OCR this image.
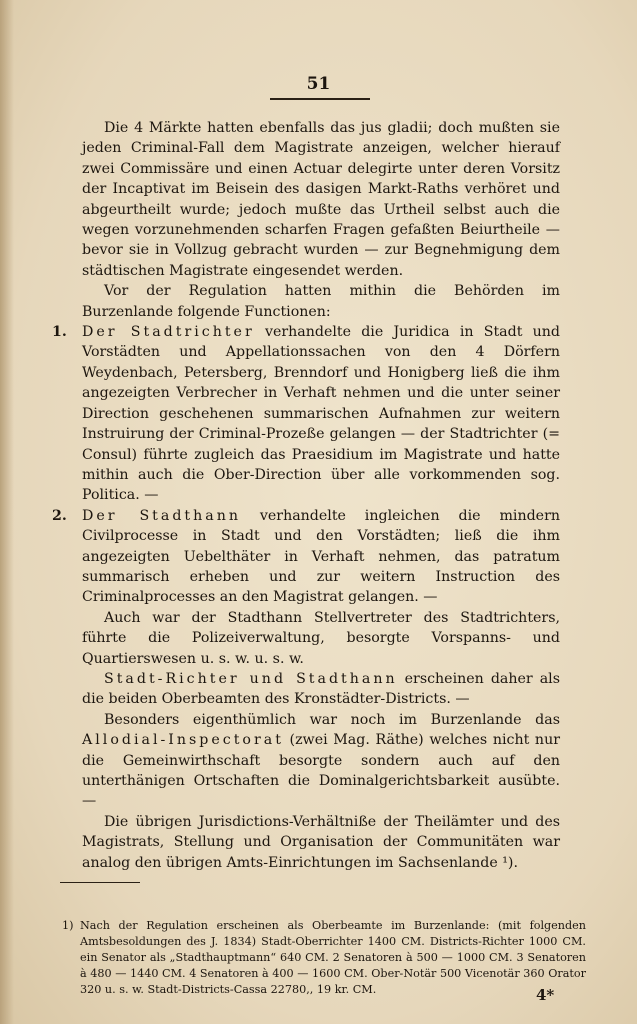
51

Die 4 Märkte hatten ebenfalls das jus gladii; doch mußten sie jeden Criminal-Fall dem Magistrate anzeigen, welcher hierauf zwei Commissäre und einen Actuar delegirte unter deren Vorsitz der Incaptivat im Beisein des dasigen Markt-Raths verhöret und abgeurtheilt wurde; jedoch mußte das Urtheil selbst auch die wegen vorzunehmenden scharfen Fragen gefaßten Beiurtheile — bevor sie in Vollzug gebracht wurden — zur Begnehmigung dem städtischen Magistrate eingesendet werden.

Vor der Regulation hatten mithin die Behörden im Burzenlande folgende Functionen:

1. Der Stadtrichter verhandelte die Juridica in Stadt und Vorstädten und Appellationssachen von den 4 Dörfern Weydenbach, Petersberg, Brenndorf und Honigberg ließ die ihm angezeigten Verbrecher in Verhaft nehmen und die unter seiner Direction geschehenen summarischen Aufnahmen zur weitern Instruirung der Criminal-Prozeße gelangen — der Stadtrichter (= Consul) führte zugleich das Praesidium im Magistrate und hatte mithin auch die Ober-Direction über alle vorkommenden sog. Politica. —

2. Der Stadthann verhandelte ingleichen die mindern Civilprocesse in Stadt und den Vorstädten; ließ die ihm angezeigten Uebelthäter in Verhaft nehmen, das patratum summarisch erheben und zur weitern Instruction des Criminalprocesses an den Magistrat gelangen. —

Auch war der Stadthann Stellvertreter des Stadtrichters, führte die Polizeiverwaltung, besorgte Vorspanns- und Quartierswesen u. s. w. u. s. w.

Stadt-Richter und Stadthann erscheinen daher als die beiden Oberbeamten des Kronstädter-Districts. —

Besonders eigenthümlich war noch im Burzenlande das Allodial-Inspectorat (zwei Mag. Räthe) welches nicht nur die Gemeinwirthschaft besorgte sondern auch auf den unterthänigen Ortschaften die Dominalgerichtsbarkeit ausübte. —

Die übrigen Jurisdictions-Verhältniße der Theilämter und des Magistrats, Stellung und Organisation der Communitäten war analog den übrigen Amts-Einrichtungen im Sachsenlande ¹).

1) Nach der Regulation erscheinen als Oberbeamte im Burzenlande: (mit folgenden Amtsbesoldungen des J. 1834) Stadt-Oberrichter 1400 CM. Districts-Richter 1000 CM. ein Senator als „Stadthauptmann“ 640 CM. 2 Senatoren à 500 — 1000 CM. 3 Senatoren à 480 — 1440 CM. 4 Senatoren à 400 — 1600 CM. Ober-Notär 500 Vicenotär 360 Orator 320 u. s. w. Stadt-Districts-Cassa 22780,, 19 kr. CM.	4*
